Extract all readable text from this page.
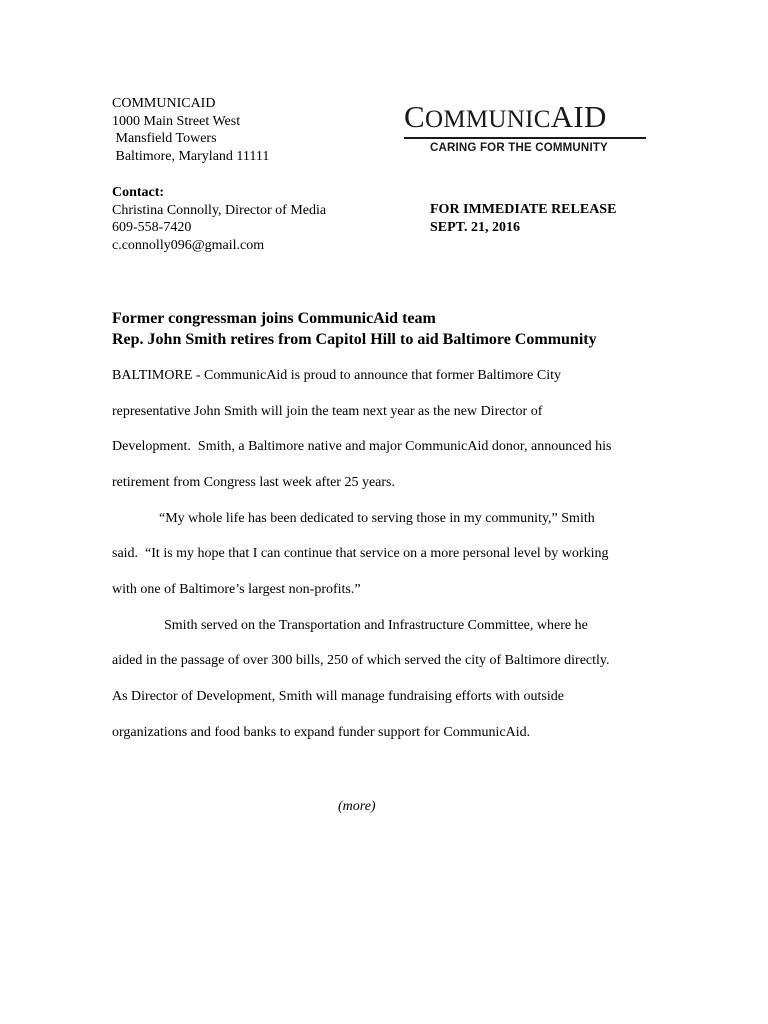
COMMUNICAID
1000 Main Street West
Mansfield Towers
Baltimore, Maryland 11111
COMMUNICAID
CARING FOR THE COMMUNITY
Contact:
Christina Connolly, Director of Media
609-558-7420
c.connolly096@gmail.com
FOR IMMEDIATE RELEASE
SEPT. 21, 2016
Former congressman joins CommunicAid team
Rep. John Smith retires from Capitol Hill to aid Baltimore Community
BALTIMORE - CommunicAid is proud to announce that former Baltimore City
representative John Smith will join the team next year as the new Director of
Development.  Smith, a Baltimore native and major CommunicAid donor, announced his
retirement from Congress last week after 25 years.
“My whole life has been dedicated to serving those in my community,” Smith
said.  “It is my hope that I can continue that service on a more personal level by working
with one of Baltimore’s largest non-profits.”
Smith served on the Transportation and Infrastructure Committee, where he
aided in the passage of over 300 bills, 250 of which served the city of Baltimore directly.
As Director of Development, Smith will manage fundraising efforts with outside
organizations and food banks to expand funder support for CommunicAid.
(more)
